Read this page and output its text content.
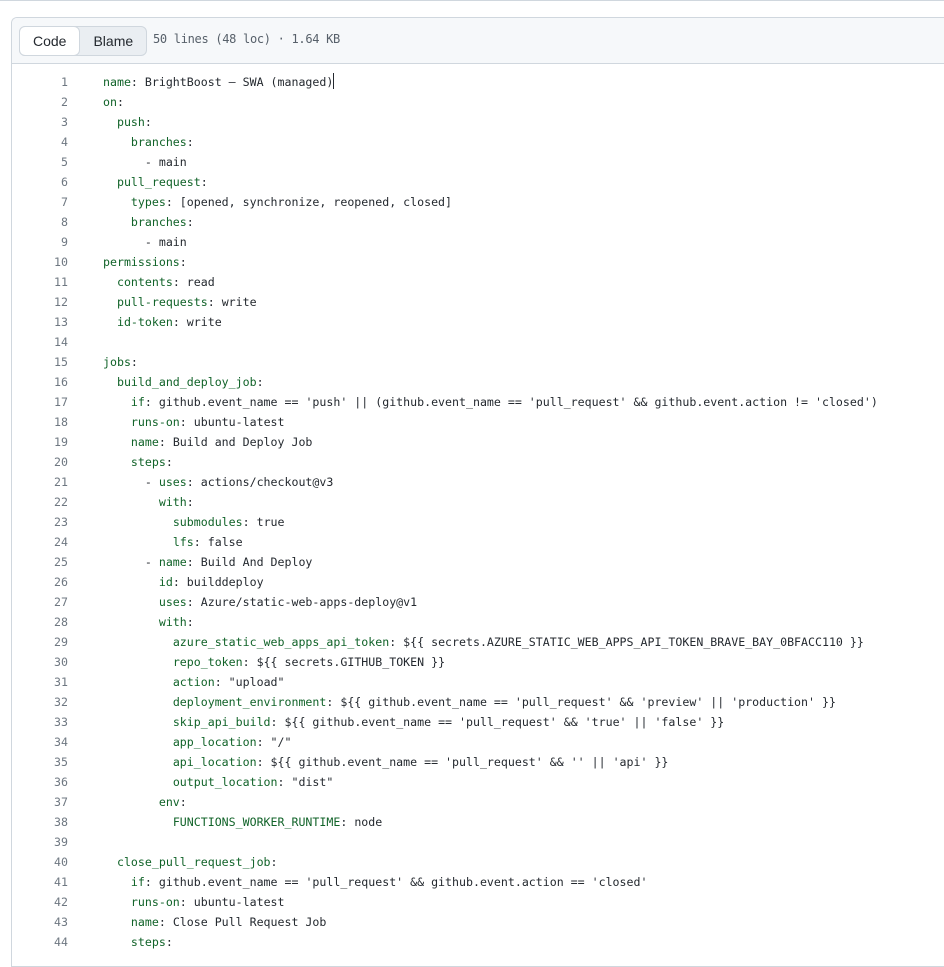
Code	Blame	50 lines (48 loc) · 1.64 KB
1	name: BrightBoost – SWA (managed)
2	on:
3	push:
4	branches:
5	- main
6	pull_request:
7	types: [opened, synchronize, reopened, closed]
8	branches:
9	- main
10	permissions:
11	contents: read
12	pull-requests: write
13	id-token: write
14
15	jobs:
16	build_and_deploy_job:
17	if: github.event_name == 'push' || (github.event_name == 'pull_request' && github.event.action != 'closed')
18	runs-on: ubuntu-latest
19	name: Build and Deploy Job
20	steps:
21	- uses: actions/checkout@v3
22	with:
23	submodules: true
24	lfs: false
25	- name: Build And Deploy
26	id: builddeploy
27	uses: Azure/static-web-apps-deploy@v1
28	with:
29	azure_static_web_apps_api_token: ${{ secrets.AZURE_STATIC_WEB_APPS_API_TOKEN_BRAVE_BAY_0BFACC110 }}
30	repo_token: ${{ secrets.GITHUB_TOKEN }}
31	action: "upload"
32	deployment_environment: ${{ github.event_name == 'pull_request' && 'preview' || 'production' }}
33	skip_api_build: ${{ github.event_name == 'pull_request' && 'true' || 'false' }}
34	app_location: "/"
35	api_location: ${{ github.event_name == 'pull_request' && '' || 'api' }}
36	output_location: "dist"
37	env:
38	FUNCTIONS_WORKER_RUNTIME: node
39
40	close_pull_request_job:
41	if: github.event_name == 'pull_request' && github.event.action == 'closed'
42	runs-on: ubuntu-latest
43	name: Close Pull Request Job
44	steps:
